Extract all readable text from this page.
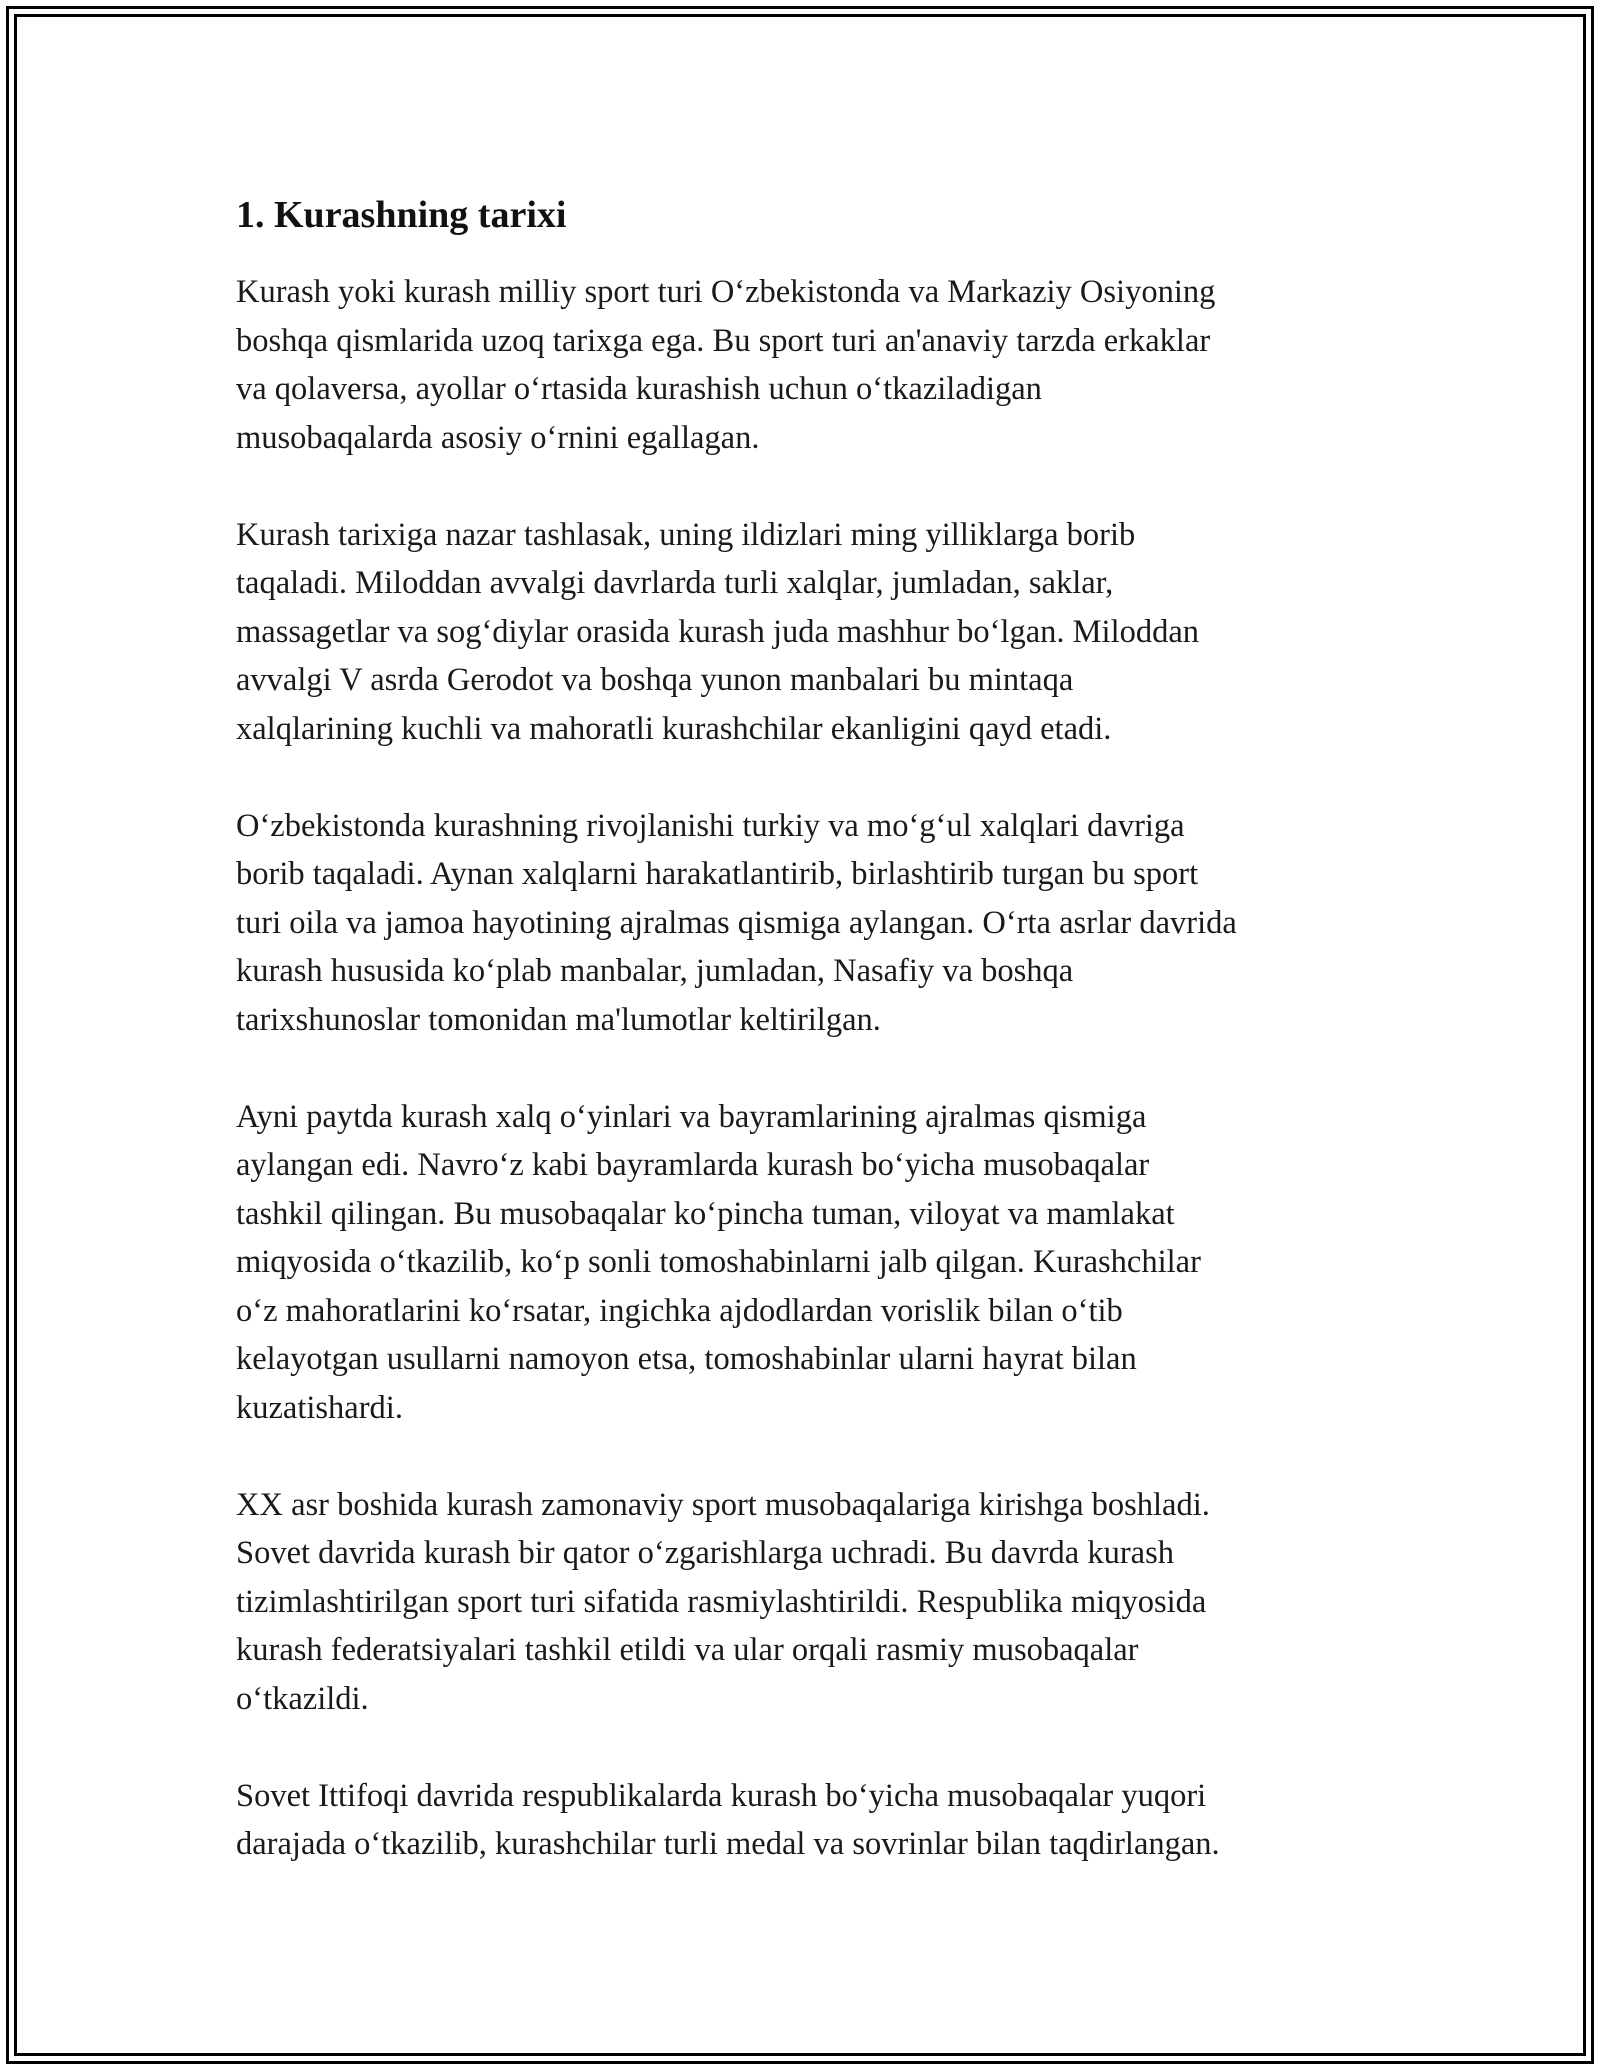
1. Kurashning tarixi

Kurash yoki kurash milliy sport turi O‘zbekistonda va Markaziy Osiyoning
boshqa qismlarida uzoq tarixga ega. Bu sport turi an'anaviy tarzda erkaklar
va qolaversa, ayollar o‘rtasida kurashish uchun o‘tkaziladigan
musobaqalarda asosiy o‘rnini egallagan.

Kurash tarixiga nazar tashlasak, uning ildizlari ming yilliklarga borib
taqaladi. Miloddan avvalgi davrlarda turli xalqlar, jumladan, saklar,
massagetlar va sog‘diylar orasida kurash juda mashhur bo‘lgan. Miloddan
avvalgi V asrda Gerodot va boshqa yunon manbalari bu mintaqa
xalqlarining kuchli va mahoratli kurashchilar ekanligini qayd etadi.

O‘zbekistonda kurashning rivojlanishi turkiy va mo‘g‘ul xalqlari davriga
borib taqaladi. Aynan xalqlarni harakatlantirib, birlashtirib turgan bu sport
turi oila va jamoa hayotining ajralmas qismiga aylangan. O‘rta asrlar davrida
kurash hususida ko‘plab manbalar, jumladan, Nasafiy va boshqa
tarixshunoslar tomonidan ma'lumotlar keltirilgan.

Ayni paytda kurash xalq o‘yinlari va bayramlarining ajralmas qismiga
aylangan edi. Navro‘z kabi bayramlarda kurash bo‘yicha musobaqalar
tashkil qilingan. Bu musobaqalar ko‘pincha tuman, viloyat va mamlakat
miqyosida o‘tkazilib, ko‘p sonli tomoshabinlarni jalb qilgan. Kurashchilar
o‘z mahoratlarini ko‘rsatar, ingichka ajdodlardan vorislik bilan o‘tib
kelayotgan usullarni namoyon etsa, tomoshabinlar ularni hayrat bilan
kuzatishardi.

XX asr boshida kurash zamonaviy sport musobaqalariga kirishga boshladi.
Sovet davrida kurash bir qator o‘zgarishlarga uchradi. Bu davrda kurash
tizimlashtirilgan sport turi sifatida rasmiylashtirildi. Respublika miqyosida
kurash federatsiyalari tashkil etildi va ular orqali rasmiy musobaqalar
o‘tkazildi.

Sovet Ittifoqi davrida respublikalarda kurash bo‘yicha musobaqalar yuqori
darajada o‘tkazilib, kurashchilar turli medal va sovrinlar bilan taqdirlangan.
